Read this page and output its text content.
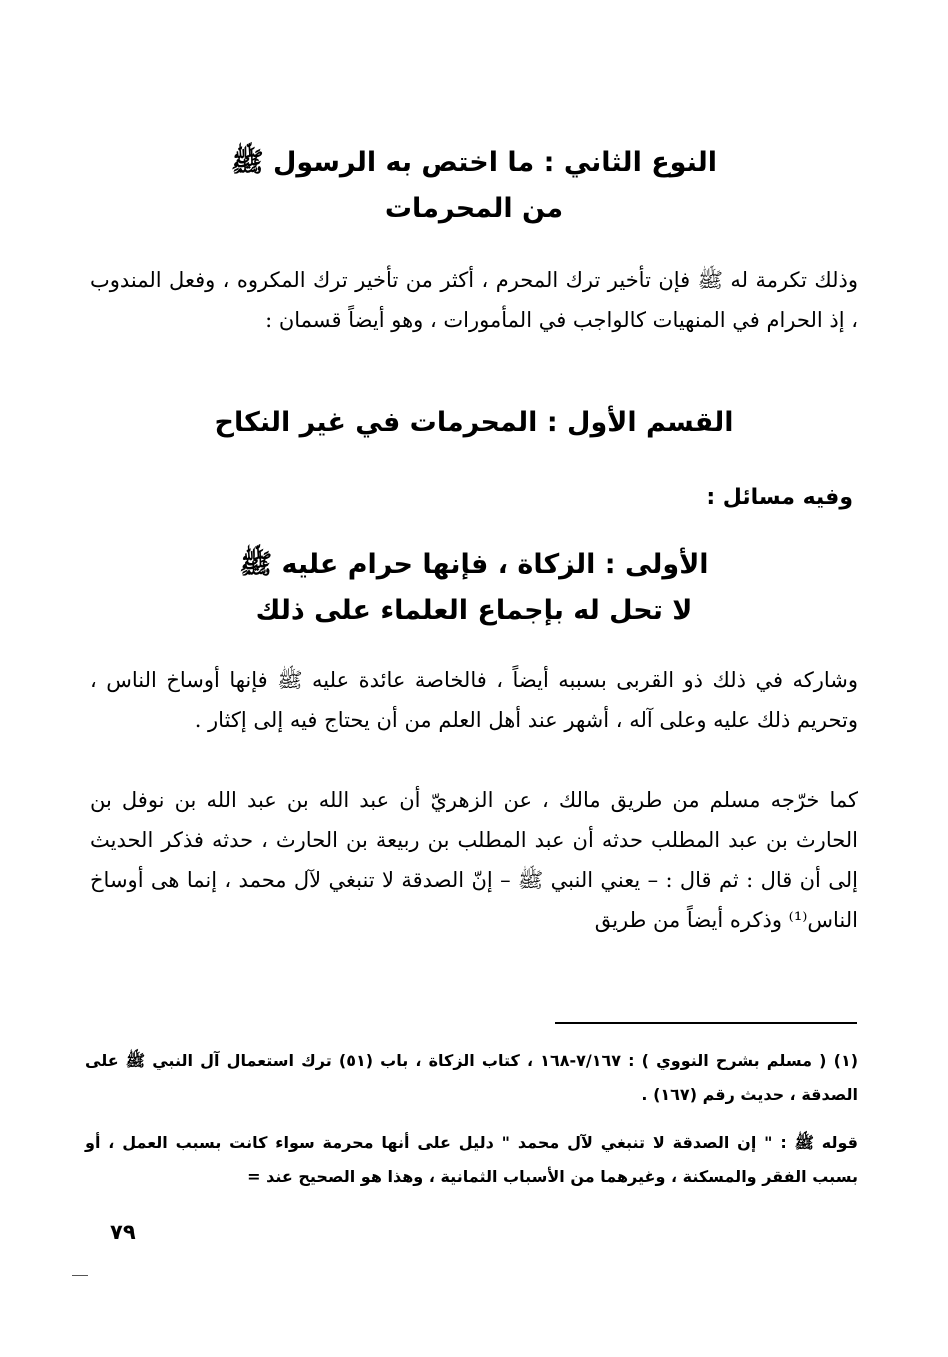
النوع الثاني : ما اختص به الرسول ﷺ
من المحرمات

وذلك تكرمة له ﷺ فإن تأخير ترك المحرم ، أكثر من تأخير ترك المكروه ، وفعل المندوب ، إذ الحرام في المنهيات كالواجب في المأمورات ، وهو أيضاً قسمان :

القسم الأول : المحرمات في غير النكاح
وفيه مسائل :
الأولى : الزكاة ، فإنها حرام عليه ﷺ
لا تحل له بإجماع العلماء على ذلك

وشاركه في ذلك ذو القربى بسببه أيضاً ، فالخاصة عائدة عليه ﷺ فإنها أوساخ الناس ، وتحريم ذلك عليه وعلى آله ، أشهر عند أهل العلم من أن يحتاج فيه إلى إكثار .

كما خرّجه مسلم من طريق مالك ، عن الزهريّ أن عبد الله بن عبد الله بن نوفل بن الحارث بن عبد المطلب حدثه أن عبد المطلب بن ربيعة بن الحارث ، حدثه فذكر الحديث إلى أن قال : ثم قال : – يعني النبي ﷺ – إنّ الصدقة لا تنبغي لآل محمد ، إنما هى أوساخ الناس⁽¹⁾ وذكره أيضاً من طريق

(١) ( مسلم بشرح النووي ) : ٧/١٦٧-١٦٨ ، كتاب الزكاة ، باب (٥١) ترك استعمال آل النبي ﷺ على الصدقة ، حديث رقم (١٦٧) .

قوله ﷺ : " إن الصدقة لا تنبغي لآل محمد " دليل على أنها محرمة سواء كانت بسبب العمل ، أو بسبب الفقر والمسكنة ، وغيرهما من الأسباب الثمانية ، وهذا هو الصحيح عند =

٧٩
